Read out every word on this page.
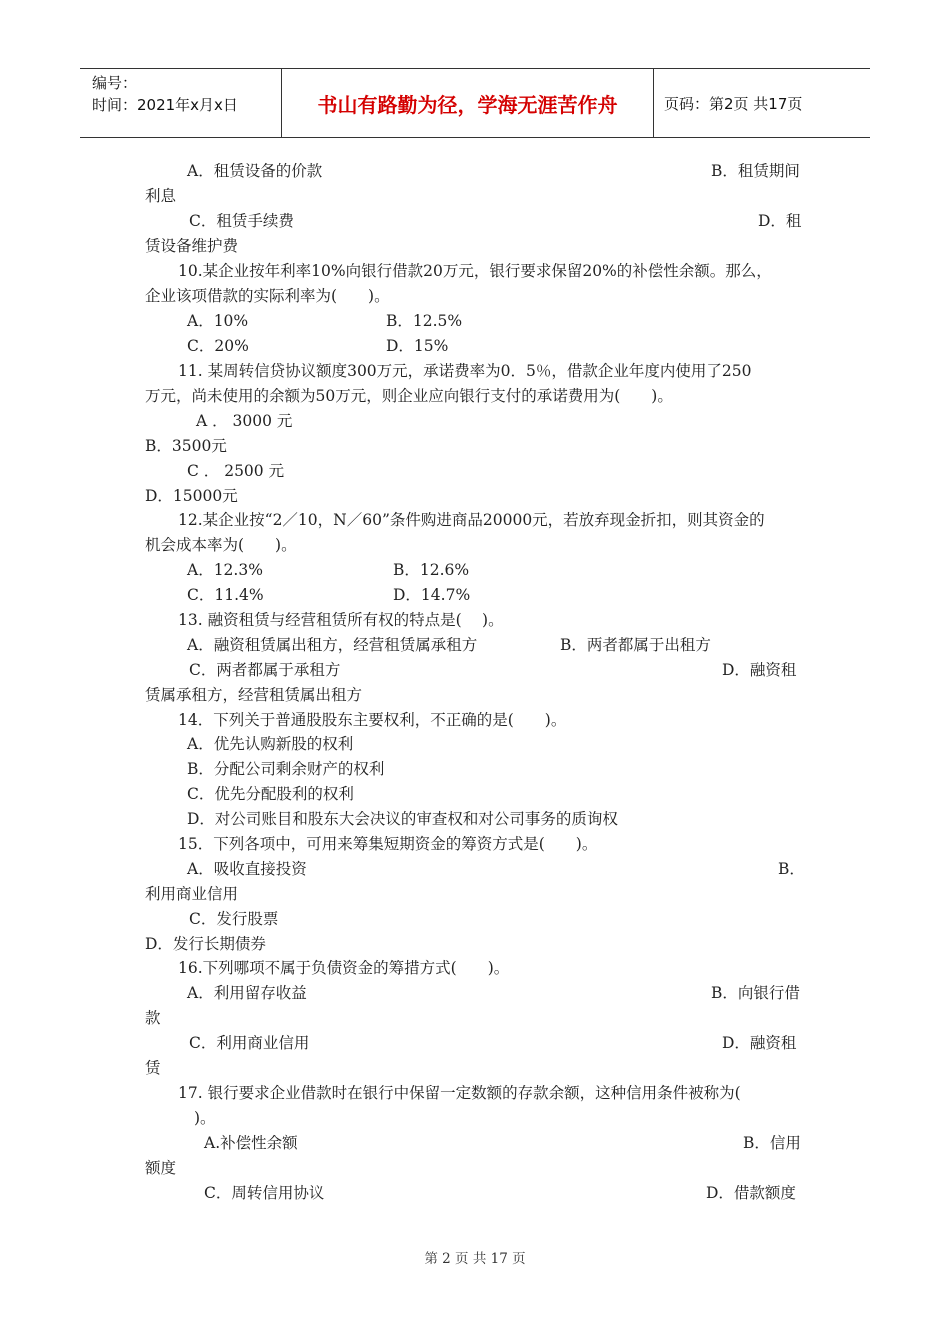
编号：
时间：2021年x月x日	书山有路勤为径，学海无涯苦作舟	页码：第2页 共17页
A．租赁设备的价款	B．租赁期间
利息
C．租赁手续费	D．租
赁设备维护费
10.某企业按年利率10%向银行借款20万元，银行要求保留20%的补偿性余额。那么，
企业该项借款的实际利率为(　　)。
A．10%	B．12.5%
C．20%	D．15%
11. 某周转信贷协议额度300万元，承诺费率为0．5％，借款企业年度内使用了250
万元，尚未使用的余额为50万元，则企业应向银行支付的承诺费用为(　　)。
A ． 3000 元
B．3500元
C ． 2500 元
D．15000元
12.某企业按“2／10，N／60”条件购进商品20000元，若放弃现金折扣，则其资金的
机会成本率为(　　)。
A．12.3%	B．12.6%
C．11.4%	D．14.7%
13. 融资租赁与经营租赁所有权的特点是(　 )。
A．融资租赁属出租方，经营租赁属承租方	B．两者都属于出租方
C．两者都属于承租方	D．融资租
赁属承租方，经营租赁属出租方
14．下列关于普通股股东主要权利，不正确的是(　　)。
A．优先认购新股的权利
B．分配公司剩余财产的权利
C．优先分配股利的权利
D．对公司账目和股东大会决议的审查权和对公司事务的质询权
15．下列各项中，可用来筹集短期资金的筹资方式是(　　)。
A．吸收直接投资	B．
利用商业信用
C．发行股票
D．发行长期债券
16.下列哪项不属于负债资金的筹措方式(　　)。
A．利用留存收益	B．向银行借
款
C．利用商业信用	D．融资租
赁
17. 银行要求企业借款时在银行中保留一定数额的存款余额，这种信用条件被称为(
)。
A.补偿性余额	B．信用
额度
C．周转信用协议	D．借款额度
第 2 页 共 17 页
